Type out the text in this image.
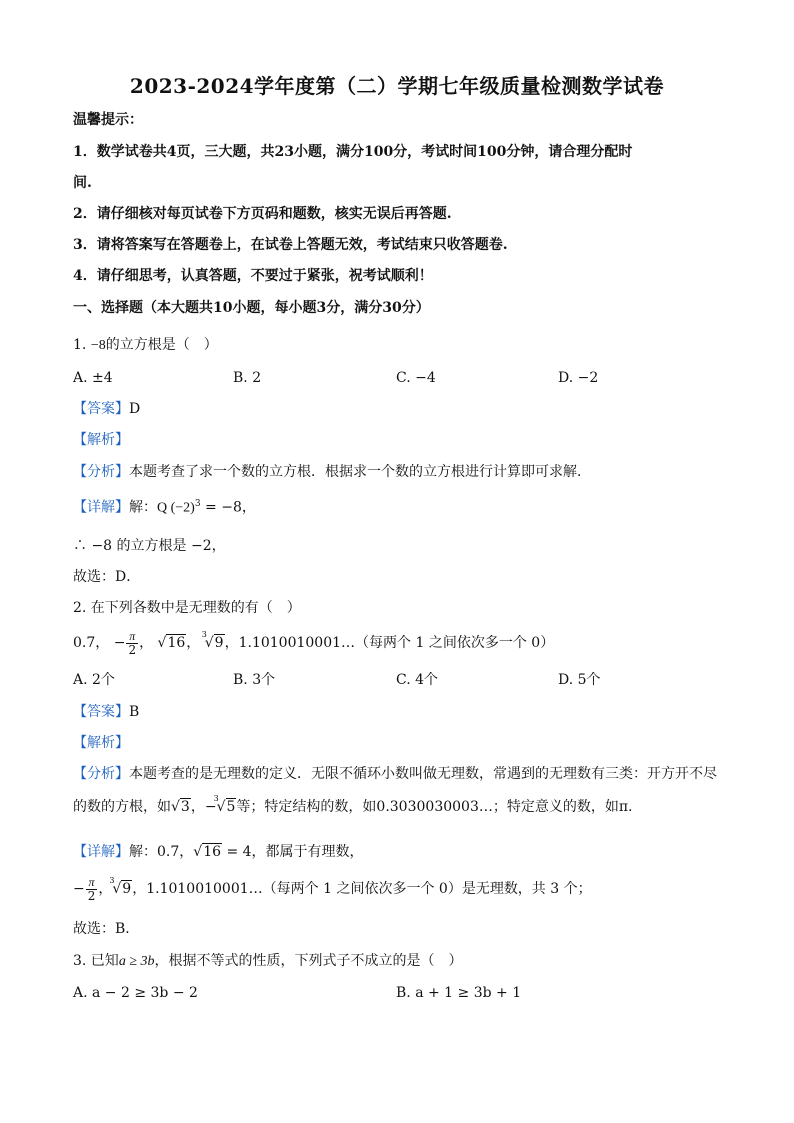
2023-2024学年度第（二）学期七年级质量检测数学试卷
温馨提示：
1．数学试卷共4页，三大题，共23小题，满分100分，考试时间100分钟，请合理分配时
间.
2．请仔细核对每页试卷下方页码和题数，核实无误后再答题.
3．请将答案写在答题卷上，在试卷上答题无效，考试结束只收答题卷.
4．请仔细思考，认真答题，不要过于紧张，祝考试顺利！
一、选择题（本大题共10小题，每小题3分，满分30分）
1. −8的立方根是（　）
A. ±4	B. 2	C. −4	D. −2
【答案】D
【解析】
【分析】本题考查了求一个数的立方根．根据求一个数的立方根进行计算即可求解．
【详解】解：Q $(-2)^3 = -8$，
∴ −8 的立方根是 −2，
故选：D．
2. 在下列各数中是无理数的有（　）
0.7， − $\frac{\pi}{2}$ ， √16，
3
√9，1.1010010001…（每两个 1 之间依次多一个 0）
A. 2个	B. 3个	C. 4个	D. 5个
【答案】B
【解析】
【分析】本题考查的是无理数的定义．无限不循环小数叫做无理数，常遇到的无理数有三类：开方开不尽
的数的方根，如√3，−
3
√5等；特定结构的数，如0.3030030003…；特定意义的数，如π.
【详解】解：0.7，√16 = 4，都属于有理数，
− $\frac{\pi}{2}$ ，
3
√9，1.1010010001…（每两个 1 之间依次多一个 0）是无理数，共 3 个；
故选：B．
3. 已知a ≥ 3b，根据不等式的性质，下列式子不成立的是（　）
A. a − 2 ≥ 3b − 2	B. a + 1 ≥ 3b + 1
